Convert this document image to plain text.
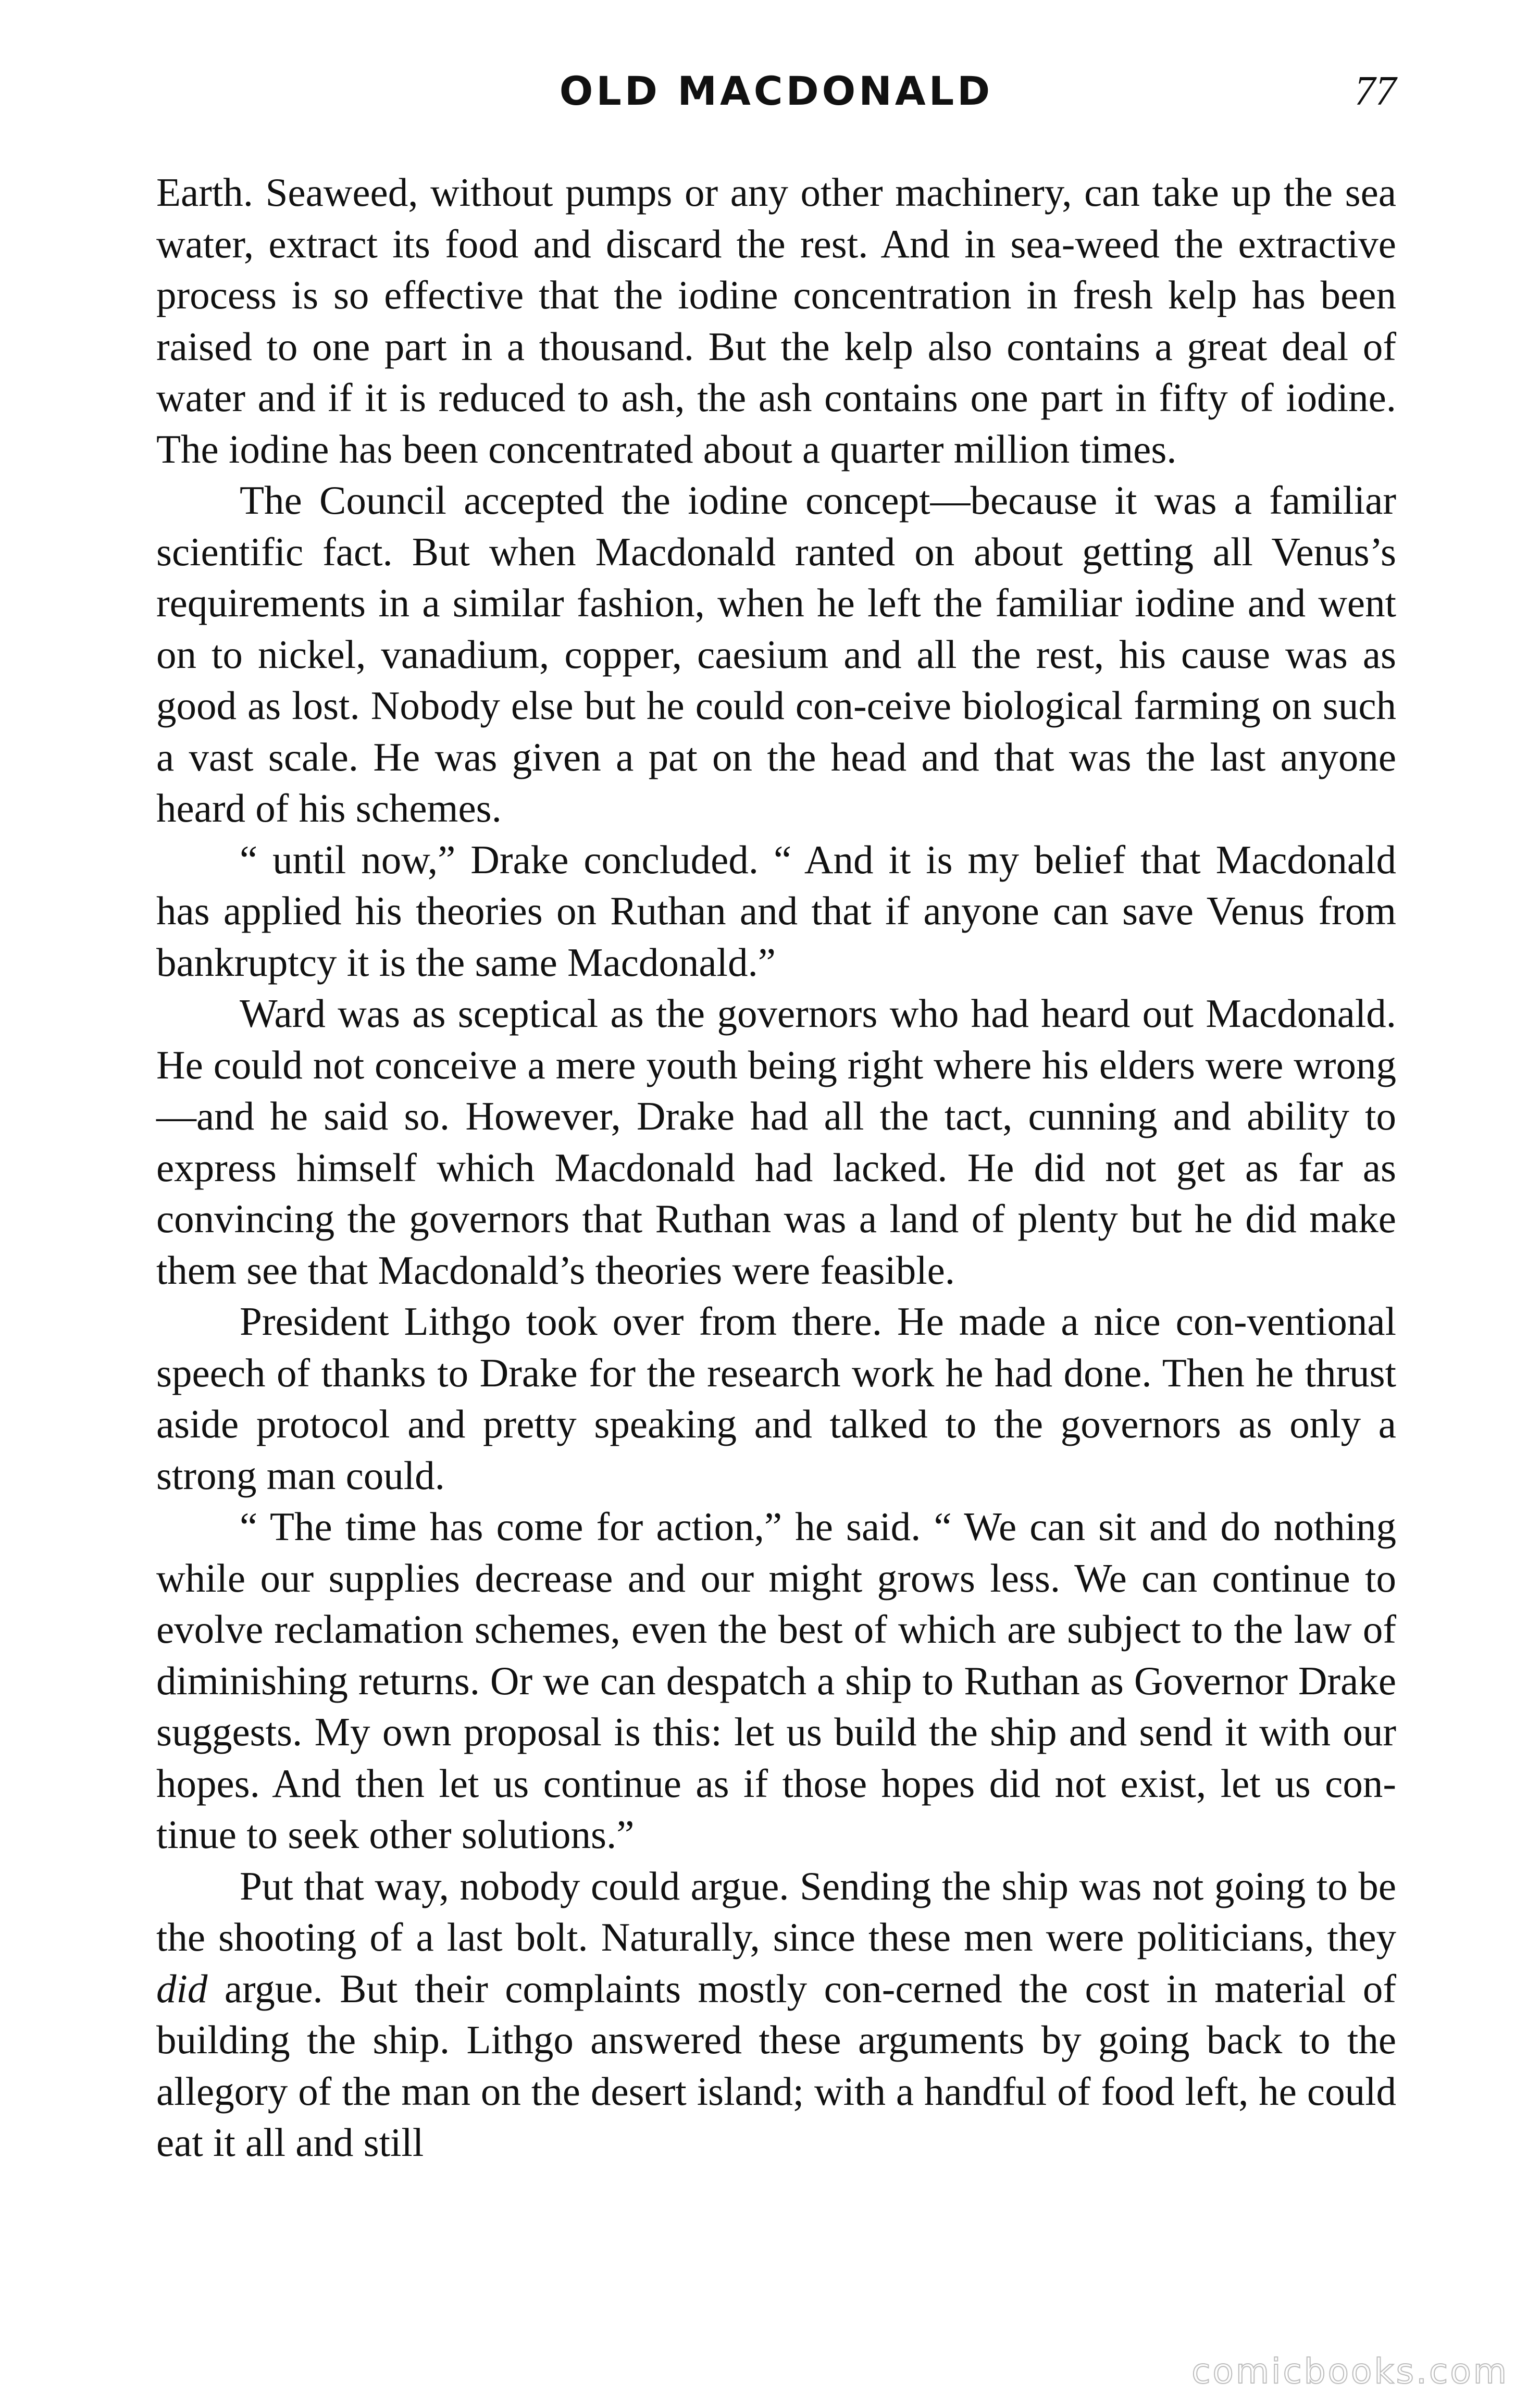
OLD MACDONALD	77

Earth. Seaweed, without pumps or any other machinery, can take up the sea water, extract its food and discard the rest. And in sea-weed the extractive process is so effective that the iodine concentration in fresh kelp has been raised to one part in a thousand. But the kelp also contains a great deal of water and if it is reduced to ash, the ash contains one part in fifty of iodine. The iodine has been concentrated about a quarter million times.

The Council accepted the iodine concept—because it was a familiar scientific fact. But when Macdonald ranted on about getting all Venus’s requirements in a similar fashion, when he left the familiar iodine and went on to nickel, vanadium, copper, caesium and all the rest, his cause was as good as lost. Nobody else but he could con-ceive biological farming on such a vast scale. He was given a pat on the head and that was the last anyone heard of his schemes.

“ until now,” Drake concluded. “ And it is my belief that Macdonald has applied his theories on Ruthan and that if anyone can save Venus from bankruptcy it is the same Macdonald.”

Ward was as sceptical as the governors who had heard out Macdonald. He could not conceive a mere youth being right where his elders were wrong—and he said so. However, Drake had all the tact, cunning and ability to express himself which Macdonald had lacked. He did not get as far as convincing the governors that Ruthan was a land of plenty but he did make them see that Macdonald’s theories were feasible.

President Lithgo took over from there. He made a nice con-ventional speech of thanks to Drake for the research work he had done. Then he thrust aside protocol and pretty speaking and talked to the governors as only a strong man could.

“ The time has come for action,” he said. “ We can sit and do nothing while our supplies decrease and our might grows less. We can continue to evolve reclamation schemes, even the best of which are subject to the law of diminishing returns. Or we can despatch a ship to Ruthan as Governor Drake suggests. My own proposal is this: let us build the ship and send it with our hopes. And then let us continue as if those hopes did not exist, let us con-tinue to seek other solutions.”

Put that way, nobody could argue. Sending the ship was not going to be the shooting of a last bolt. Naturally, since these men were politicians, they did argue. But their complaints mostly con-cerned the cost in material of building the ship. Lithgo answered these arguments by going back to the allegory of the man on the desert island; with a handful of food left, he could eat it all and still

comicbooks.com
